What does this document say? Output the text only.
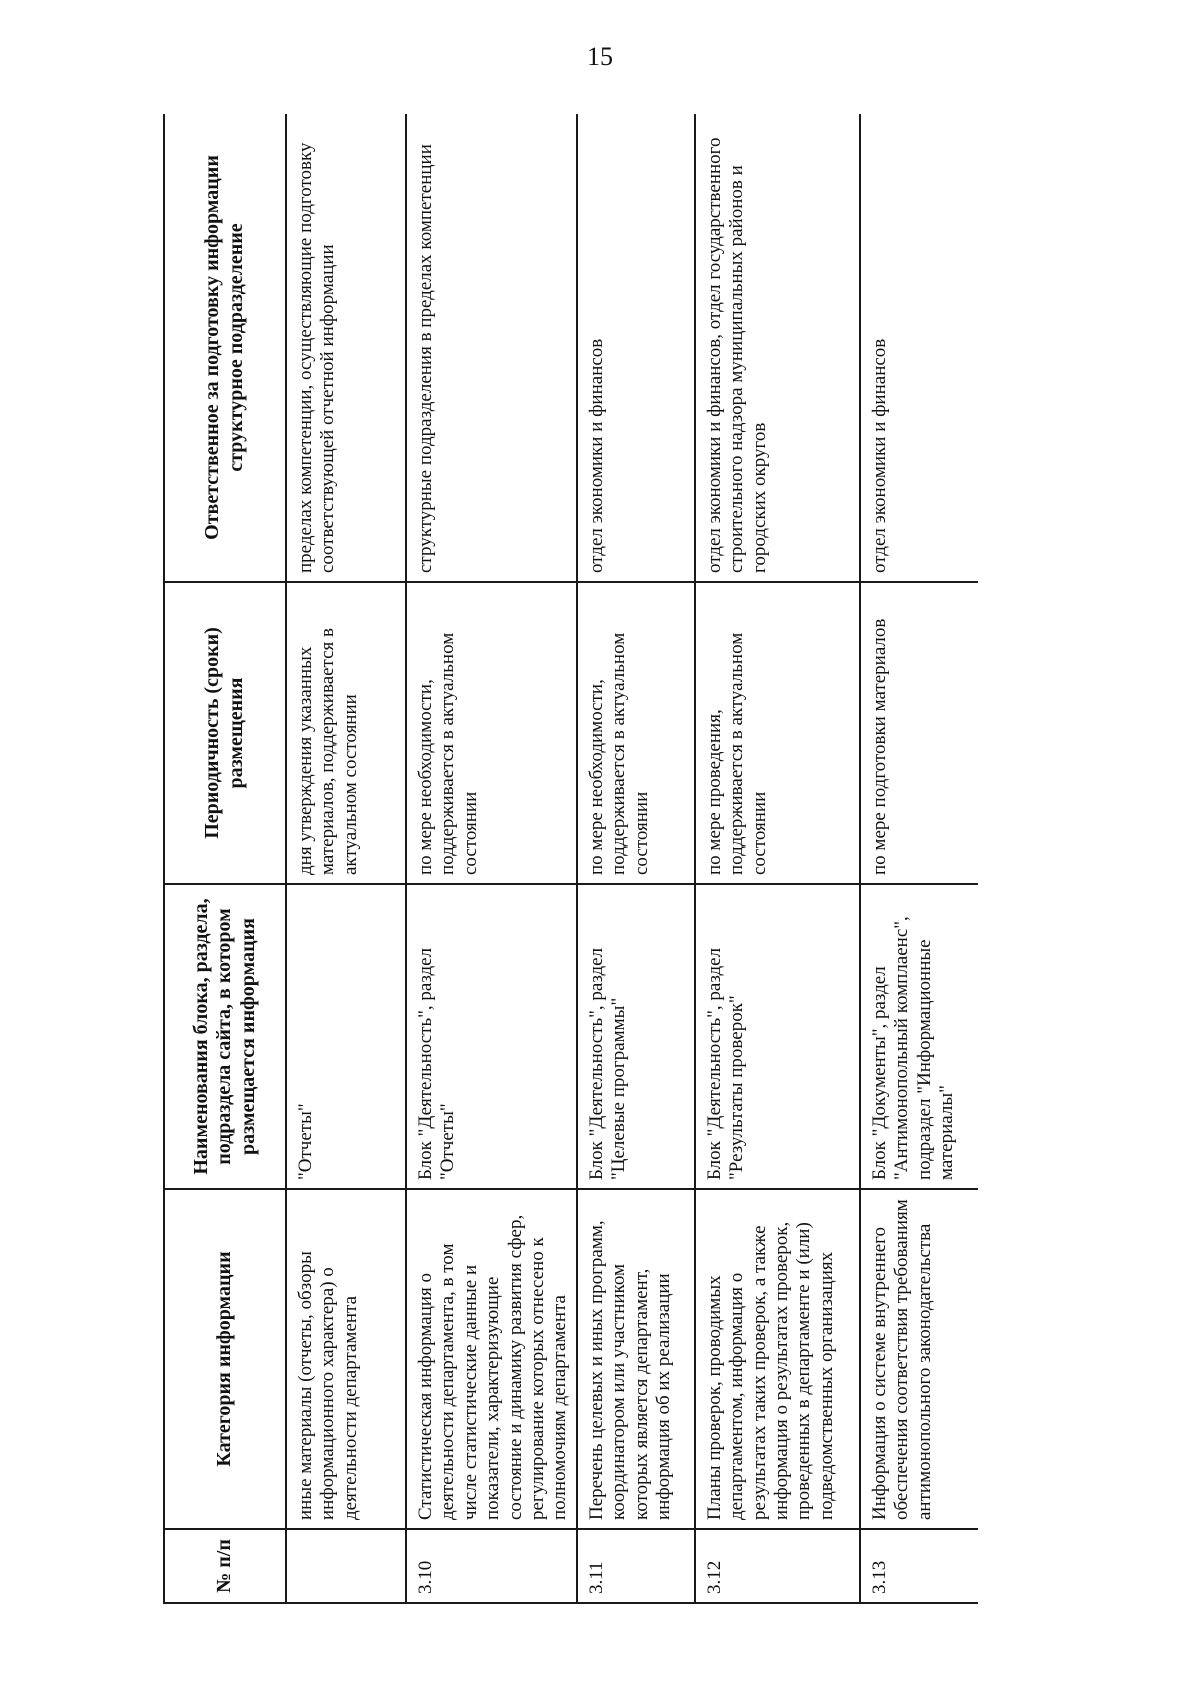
15
№ п/п	Категория информации	Наименования блока, раздела, подраздела сайта, в котором размещается информация	Периодичность (сроки) размещения	Ответственное за подготовку информации структурное подразделение
	иные материалы (отчеты, обзоры информационного характера) о деятельности департамента	"Отчеты"	дня утверждения указанных материалов, поддерживается в актуальном состоянии	пределах компетенции, осуществляющие подготовку соответствующей отчетной информации
3.10	Статистическая информация о деятельности департамента, в том числе статистические данные и показатели, характеризующие состояние и динамику развития сфер, регулирование которых отнесено к полномочиям департамента	Блок "Деятельность", раздел "Отчеты"	по мере необходимости, поддерживается в актуальном состоянии	структурные подразделения в пределах компетенции
3.11	Перечень целевых и иных программ, координатором или участником которых является департамент, информация об их реализации	Блок "Деятельность", раздел "Целевые программы"	по мере необходимости, поддерживается в актуальном состоянии	отдел экономики и финансов
3.12	Планы проверок, проводимых департаментом, информация о результатах таких проверок, а также информация о результатах проверок, проведенных в департаменте и (или) подведомственных организациях	Блок "Деятельность", раздел "Результаты проверок"	по мере проведения, поддерживается в актуальном состоянии	отдел экономики и финансов, отдел государственного строительного надзора муниципальных районов и городских округов
3.13	Информация о системе внутреннего обеспечения соответствия требованиям антимонопольного законодательства	Блок "Документы", раздел "Антимонопольный комплаенс", подраздел "Информационные материалы"	по мере подготовки материалов	отдел экономики и финансов
